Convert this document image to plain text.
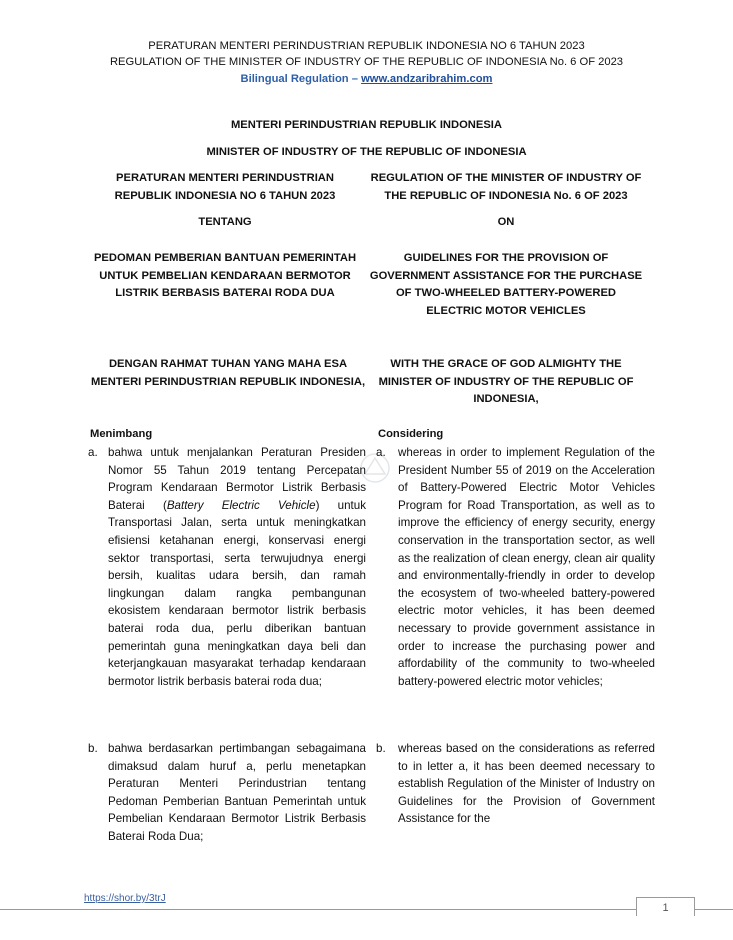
PERATURAN MENTERI PERINDUSTRIAN REPUBLIK INDONESIA NO 6 TAHUN 2023
REGULATION OF THE MINISTER OF INDUSTRY OF THE REPUBLIC OF INDONESIA No. 6 OF 2023
Bilingual Regulation – www.andzaribrahim.com
MENTERI PERINDUSTRIAN REPUBLIK INDONESIA
MINISTER OF INDUSTRY OF THE REPUBLIC OF INDONESIA
PERATURAN MENTERI PERINDUSTRIAN
REPUBLIK INDONESIA NO 6 TAHUN 2023
REGULATION OF THE MINISTER OF INDUSTRY OF
THE REPUBLIC OF INDONESIA No. 6 OF 2023
TENTANG	ON
PEDOMAN PEMBERIAN BANTUAN PEMERINTAH
UNTUK PEMBELIAN KENDARAAN BERMOTOR
LISTRIK BERBASIS BATERAI RODA DUA
GUIDELINES FOR THE PROVISION OF
GOVERNMENT ASSISTANCE FOR THE PURCHASE
OF TWO-WHEELED BATTERY-POWERED
ELECTRIC MOTOR VEHICLES
DENGAN RAHMAT TUHAN YANG MAHA ESA
MENTERI PERINDUSTRIAN REPUBLIK INDONESIA,
WITH THE GRACE OF GOD ALMIGHTY THE
MINISTER OF INDUSTRY OF THE REPUBLIC OF
INDONESIA,
Menimbang	Considering
a. bahwa untuk menjalankan Peraturan Presiden Nomor 55 Tahun 2019 tentang Percepatan Program Kendaraan Bermotor Listrik Berbasis Baterai (Battery Electric Vehicle) untuk Transportasi Jalan, serta untuk meningkatkan efisiensi ketahanan energi, konservasi energi sektor transportasi, serta terwujudnya energi bersih, kualitas udara bersih, dan ramah lingkungan dalam rangka pembangunan ekosistem kendaraan bermotor listrik berbasis baterai roda dua, perlu diberikan bantuan pemerintah guna meningkatkan daya beli dan keterjangkauan masyarakat terhadap kendaraan bermotor listrik berbasis baterai roda dua;
a. whereas in order to implement Regulation of the President Number 55 of 2019 on the Acceleration of Battery-Powered Electric Motor Vehicles Program for Road Transportation, as well as to improve the efficiency of energy security, energy conservation in the transportation sector, as well as the realization of clean energy, clean air quality and environmentally-friendly in order to develop the ecosystem of two-wheeled battery-powered electric motor vehicles, it has been deemed necessary to provide government assistance in order to increase the purchasing power and affordability of the community to two-wheeled battery-powered electric motor vehicles;
b. bahwa berdasarkan pertimbangan sebagaimana dimaksud dalam huruf a, perlu menetapkan Peraturan Menteri Perindustrian tentang Pedoman Pemberian Bantuan Pemerintah untuk Pembelian Kendaraan Bermotor Listrik Berbasis Baterai Roda Dua;
b. whereas based on the considerations as referred to in letter a, it has been deemed necessary to establish Regulation of the Minister of Industry on Guidelines for the Provision of Government Assistance for the
https://shor.by/3trJ
1
